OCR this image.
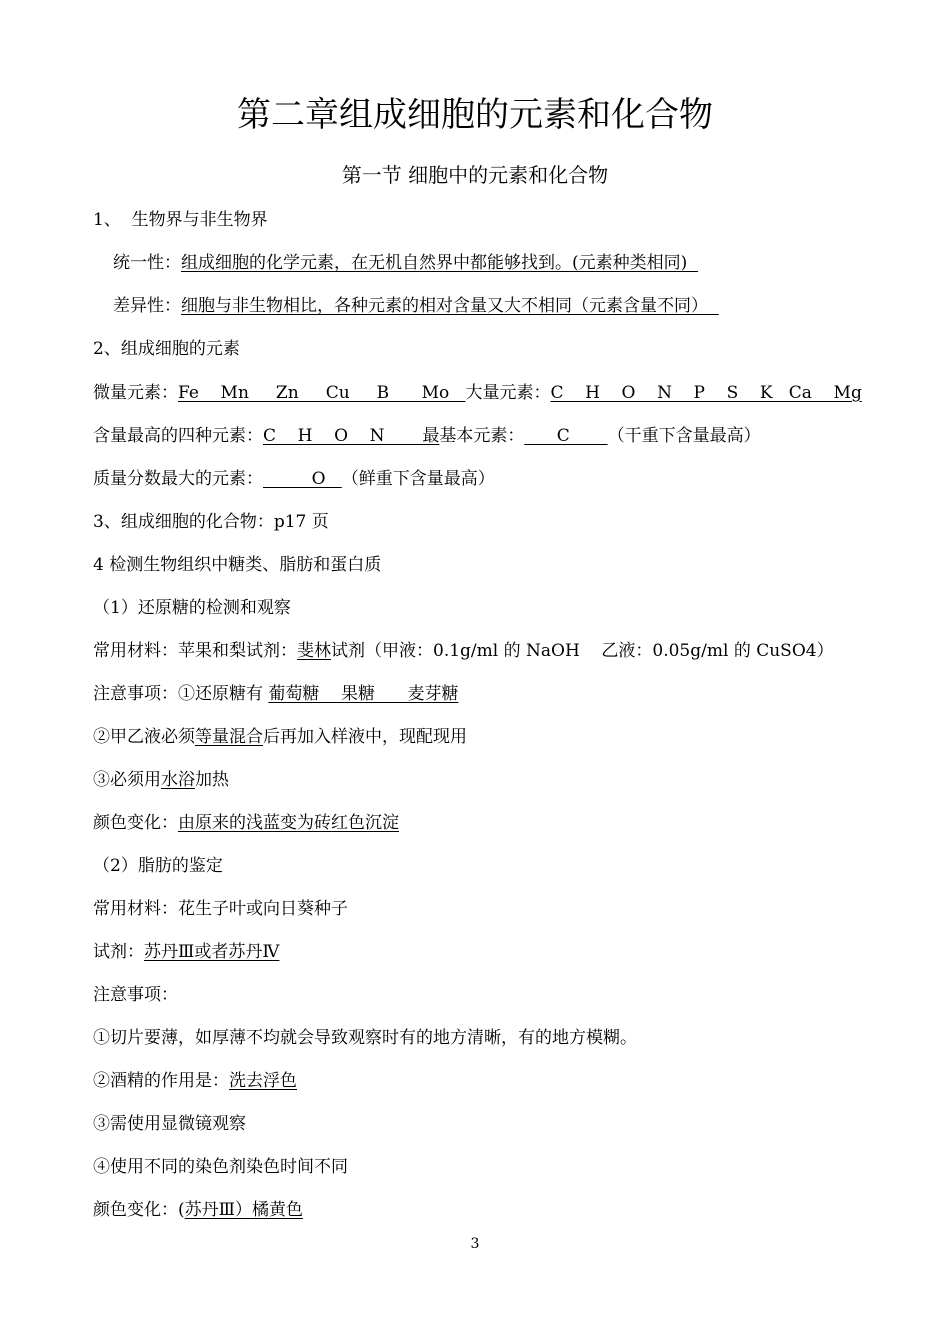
第二章组成细胞的元素和化合物
第一节 细胞中的元素和化合物
1、  生物界与非生物界
统一性：组成细胞的化学元素，在无机自然界中都能够找到。(元素种类相同)
差异性：细胞与非生物相比，各种元素的相对含量又大不相同（元素含量不同）
2、组成细胞的元素
微量元素：Fe    Mn     Zn     Cu     B      Mo   大量元素：C    H    O    N    P    S    K   Ca    Mg
含量最高的四种元素：C    H    O    N       最基本元素：      C       （干重下含量最高）
质量分数最大的元素：         O   （鲜重下含量最高）
3、组成细胞的化合物：p17 页
4 检测生物组织中糖类、脂肪和蛋白质
（1）还原糖的检测和观察
常用材料：苹果和梨试剂：斐林试剂（甲液：0.1g/ml 的 NaOH    乙液：0.05g/ml 的 CuSO4）
注意事项：①还原糖有 葡萄糖    果糖      麦芽糖
②甲乙液必须等量混合后再加入样液中，现配现用
③必须用水浴加热
颜色变化：由原来的浅蓝变为砖红色沉淀
（2）脂肪的鉴定
常用材料：花生子叶或向日葵种子
试剂：苏丹Ⅲ或者苏丹Ⅳ
注意事项：
①切片要薄，如厚薄不均就会导致观察时有的地方清晰，有的地方模糊。
②酒精的作用是：洗去浮色
③需使用显微镜观察
④使用不同的染色剂染色时间不同
颜色变化：(苏丹Ⅲ）橘黄色
3
